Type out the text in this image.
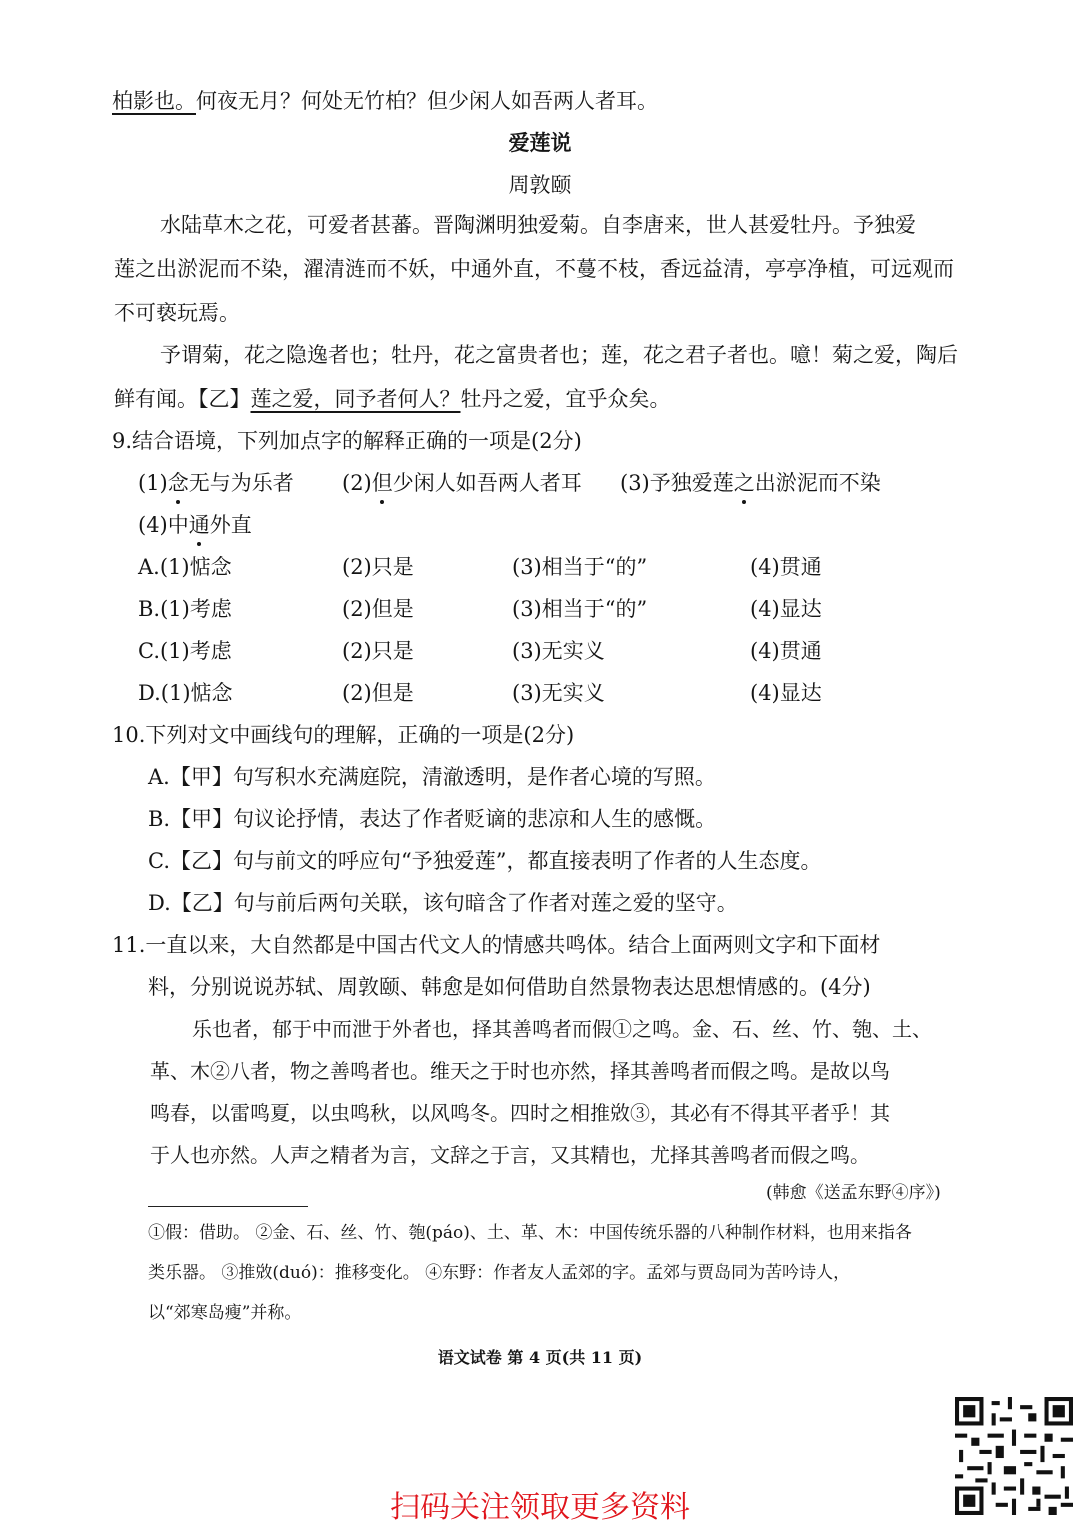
柏影也。何夜无月？何处无竹柏？但少闲人如吾两人者耳。
爱莲说
周敦颐
水陆草木之花，可爱者甚蕃。晋陶渊明独爱菊。自李唐来，世人甚爱牡丹。予独爱
莲之出淤泥而不染，濯清涟而不妖，中通外直，不蔓不枝，香远益清，亭亭净植，可远观而
不可亵玩焉。
予谓菊，花之隐逸者也；牡丹，花之富贵者也；莲，花之君子者也。噫！菊之爱，陶后
鲜有闻。【乙】莲之爱，同予者何人？牡丹之爱，宜乎众矣。
9.结合语境，下列加点字的解释正确的一项是(2分)
(1)念无与为乐者 (2)但少闲人如吾两人者耳 (3)予独爱莲之出淤泥而不染
(4)中通外直
A.(1)惦念	(2)只是	(3)相当于“的”	(4)贯通
B.(1)考虑	(2)但是	(3)相当于“的”	(4)显达
C.(1)考虑	(2)只是	(3)无实义	(4)贯通
D.(1)惦念	(2)但是	(3)无实义	(4)显达
10.下列对文中画线句的理解，正确的一项是(2分)
A.【甲】句写积水充满庭院，清澈透明，是作者心境的写照。
B.【甲】句议论抒情，表达了作者贬谪的悲凉和人生的感慨。
C.【乙】句与前文的呼应句“予独爱莲”，都直接表明了作者的人生态度。
D.【乙】句与前后两句关联，该句暗含了作者对莲之爱的坚守。
11.一直以来，大自然都是中国古代文人的情感共鸣体。结合上面两则文字和下面材
料，分别说说苏轼、周敦颐、韩愈是如何借助自然景物表达思想情感的。(4分)
乐也者，郁于中而泄于外者也，择其善鸣者而假①之鸣。金、石、丝、竹、匏、土、
革、木②八者，物之善鸣者也。维天之于时也亦然，择其善鸣者而假之鸣。是故以鸟
鸣春，以雷鸣夏，以虫鸣秋，以风鸣冬。四时之相推敚③，其必有不得其平者乎！其
于人也亦然。人声之精者为言，文辞之于言，又其精也，尤择其善鸣者而假之鸣。
(韩愈《送孟东野④序》)
①假：借助。 ②金、石、丝、竹、匏(páo)、土、革、木：中国传统乐器的八种制作材料，也用来指各
类乐器。 ③推敚(duó)：推移变化。 ④东野：作者友人孟郊的字。孟郊与贾岛同为苦吟诗人，
以“郊寒岛瘦”并称。
语文试卷 第 4 页(共 11 页)
扫码关注领取更多资料
